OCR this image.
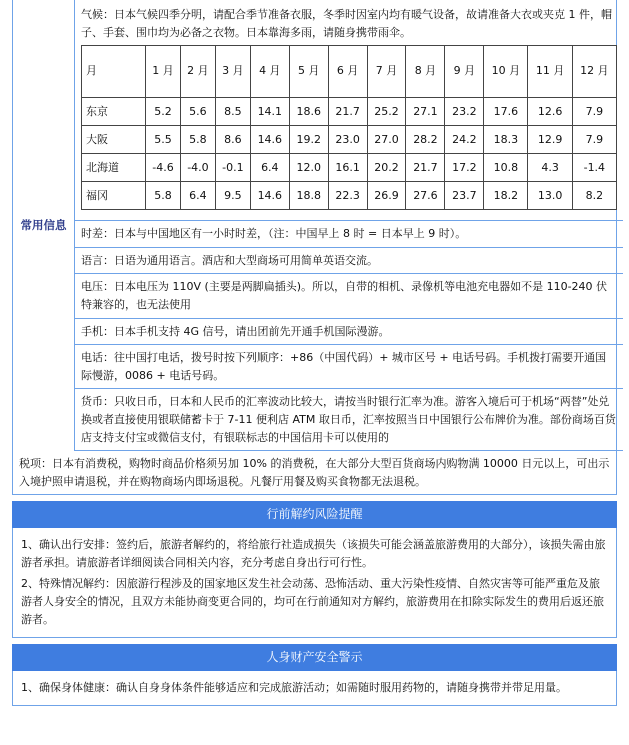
常用信息
气候：日本气候四季分明，请配合季节准备衣服，冬季时因室内均有暖气设备，故请准备大衣或夹克 1 件，帽子、手套、围巾均为必备之衣物。日本靠海多雨，请随身携带雨伞。
月	1 月	2 月	3 月	4 月	5 月	6 月	7 月	8 月	9 月	10 月	11 月	12 月
东京	5.2	5.6	8.5	14.1	18.6	21.7	25.2	27.1	23.2	17.6	12.6	7.9
大阪	5.5	5.8	8.6	14.6	19.2	23.0	27.0	28.2	24.2	18.3	12.9	7.9
北海道	-4.6	-4.0	-0.1	6.4	12.0	16.1	20.2	21.7	17.2	10.8	4.3	-1.4
福冈	5.8	6.4	9.5	14.6	18.8	22.3	26.9	27.6	23.7	18.2	13.0	8.2
时差：日本与中国地区有一小时时差，（注：中国早上 8 时 = 日本早上 9 时）。
语言：日语为通用语言。酒店和大型商场可用简单英语交流。
电压：日本电压为 110V (主要是两脚扁插头)。所以，自带的相机、录像机等电池充电器如不是 110-240 伏特兼容的，也无法使用
手机：日本手机支持 4G 信号，请出团前先开通手机国际漫游。
电话：往中国打电话，拨号时按下列顺序：+86（中国代码）+ 城市区号 + 电话号码。手机拨打需要开通国际慢游，0086 + 电话号码。
货币：只收日币，日本和人民币的汇率波动比较大，请按当时银行汇率为准。游客入境后可于机场“两替”处兑换或者直接使用银联储蓄卡于 7-11 便利店 ATM 取日币，汇率按照当日中国银行公布牌价为准。部份商场百货店支持支付宝或微信支付，有银联标志的中国信用卡可以使用的
税项：日本有消费税，购物时商品价格须另加 10% 的消费税，在大部分大型百货商场内购物满 10000 日元以上，可出示入境护照申请退税，并在购物商场内即场退税。凡餐厅用餐及购买食物都无法退税。
行前解约风险提醒

1、确认出行安排：签约后，旅游者解约的，将给旅行社造成损失（该损失可能会涵盖旅游费用的大部分），该损失需由旅游者承担。请旅游者详细阅读合同相关内容，充分考虑自身出行可行性。

2、特殊情况解约：因旅游行程涉及的国家地区发生社会动荡、恐怖活动、重大污染性疫情、自然灾害等可能严重危及旅游者人身安全的情况，且双方未能协商变更合同的，均可在行前通知对方解约，旅游费用在扣除实际发生的费用后返还旅游者。

人身财产安全警示

1、确保身体健康：确认自身身体条件能够适应和完成旅游活动；如需随时服用药物的，请随身携带并带足用量。
